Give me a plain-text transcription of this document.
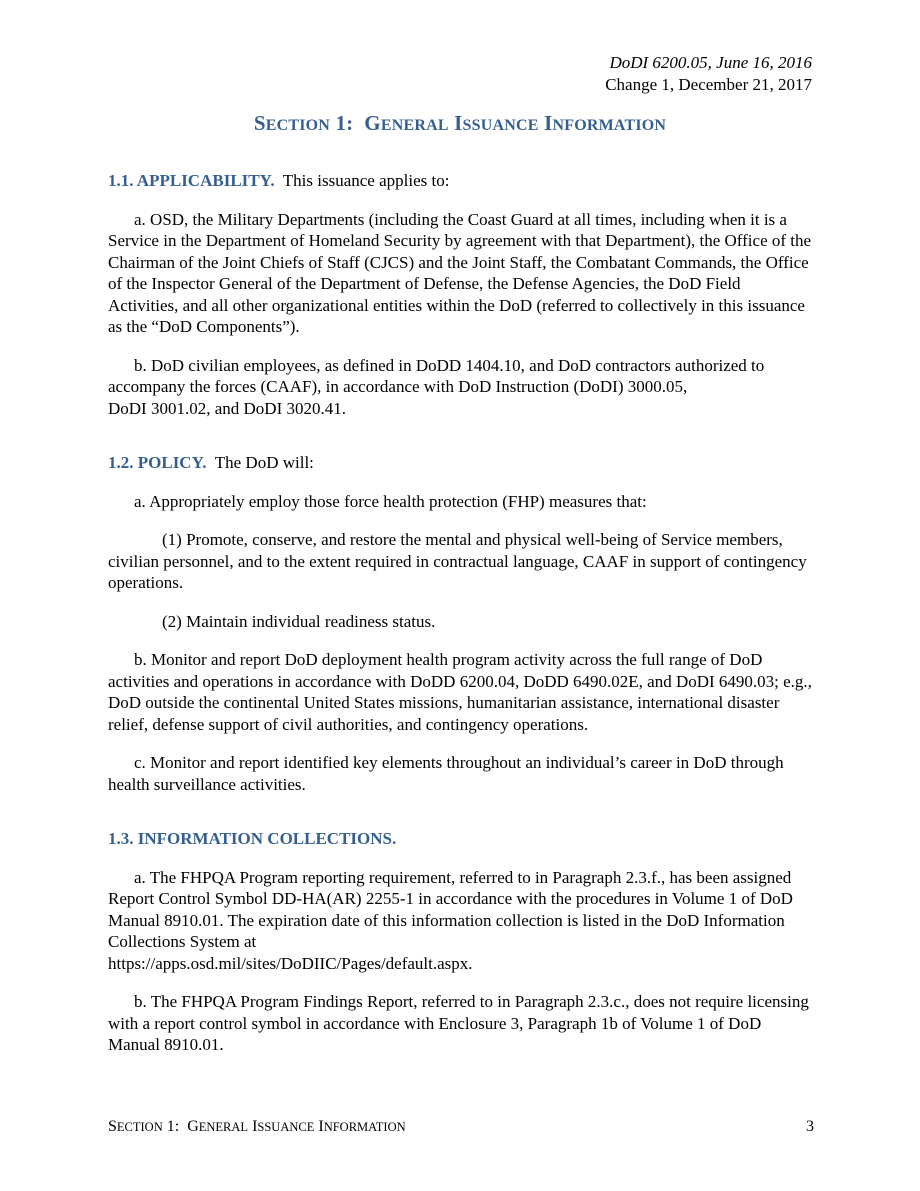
DoDI 6200.05, June 16, 2016
Change 1, December 21, 2017
SECTION 1:  GENERAL ISSUANCE INFORMATION

1.1. APPLICABILITY.  This issuance applies to:

a. OSD, the Military Departments (including the Coast Guard at all times, including when it is a Service in the Department of Homeland Security by agreement with that Department), the Office of the Chairman of the Joint Chiefs of Staff (CJCS) and the Joint Staff, the Combatant Commands, the Office of the Inspector General of the Department of Defense, the Defense Agencies, the DoD Field Activities, and all other organizational entities within the DoD (referred to collectively in this issuance as the “DoD Components”).

b. DoD civilian employees, as defined in DoDD 1404.10, and DoD contractors authorized to accompany the forces (CAAF), in accordance with DoD Instruction (DoDI) 3000.05,

DoDI 3001.02, and DoDI 3020.41.

1.2. POLICY.  The DoD will:

a. Appropriately employ those force health protection (FHP) measures that:

(1) Promote, conserve, and restore the mental and physical well-being of Service members, civilian personnel, and to the extent required in contractual language, CAAF in support of contingency operations.

(2) Maintain individual readiness status.

b. Monitor and report DoD deployment health program activity across the full range of DoD activities and operations in accordance with DoDD 6200.04, DoDD 6490.02E, and DoDI 6490.03; e.g., DoD outside the continental United States missions, humanitarian assistance, international disaster relief, defense support of civil authorities, and contingency operations.

c. Monitor and report identified key elements throughout an individual’s career in DoD through health surveillance activities.

1.3. INFORMATION COLLECTIONS.

a. The FHPQA Program reporting requirement, referred to in Paragraph 2.3.f., has been assigned Report Control Symbol DD-HA(AR) 2255-1 in accordance with the procedures in Volume 1 of DoD Manual 8910.01. The expiration date of this information collection is listed in the DoD Information Collections System at

https://apps.osd.mil/sites/DoDIIC/Pages/default.aspx.

b. The FHPQA Program Findings Report, referred to in Paragraph 2.3.c., does not require licensing with a report control symbol in accordance with Enclosure 3, Paragraph 1b of Volume 1 of DoD Manual 8910.01.

SECTION 1:  GENERAL ISSUANCE INFORMATION	3
